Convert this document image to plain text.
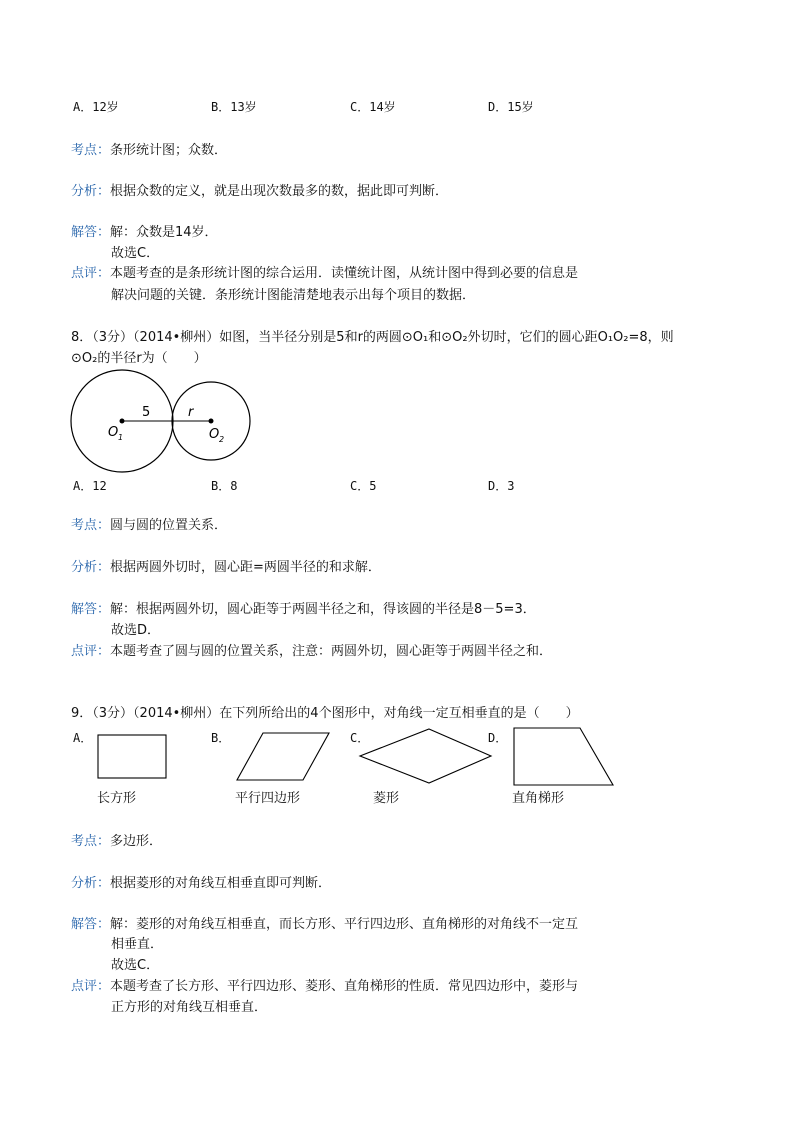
A．12岁	B．13岁	C．14岁	D．15岁
考点：条形统计图；众数．
分析：根据众数的定义，就是出现次数最多的数，据此即可判断．
解答：解：众数是14岁．
故选C．
点评：本题考查的是条形统计图的综合运用．读懂统计图，从统计图中得到必要的信息是
解决问题的关键．条形统计图能清楚地表示出每个项目的数据．
8．（3分）（2014•柳州）如图，当半径分别是5和r的两圆⊙O₁和⊙O₂外切时，它们的圆心距O₁O₂=8，则
⊙O₂的半径r为（　　）
5	r
O 1	O 2
A．12	B．8	C．5	D．3
考点：圆与圆的位置关系．
分析：根据两圆外切时，圆心距=两圆半径的和求解．
解答：解：根据两圆外切，圆心距等于两圆半径之和，得该圆的半径是8－5=3．
故选D．
点评：本题考查了圆与圆的位置关系，注意：两圆外切，圆心距等于两圆半径之和．
9．（3分）（2014•柳州）在下列所给出的4个图形中，对角线一定互相垂直的是（　　）
A．	B．	C．	D．
长方形	平行四边形	菱形	直角梯形
考点：多边形．
分析：根据菱形的对角线互相垂直即可判断．
解答：解：菱形的对角线互相垂直，而长方形、平行四边形、直角梯形的对角线不一定互
相垂直．
故选C．
点评：本题考查了长方形、平行四边形、菱形、直角梯形的性质．常见四边形中，菱形与
正方形的对角线互相垂直．
